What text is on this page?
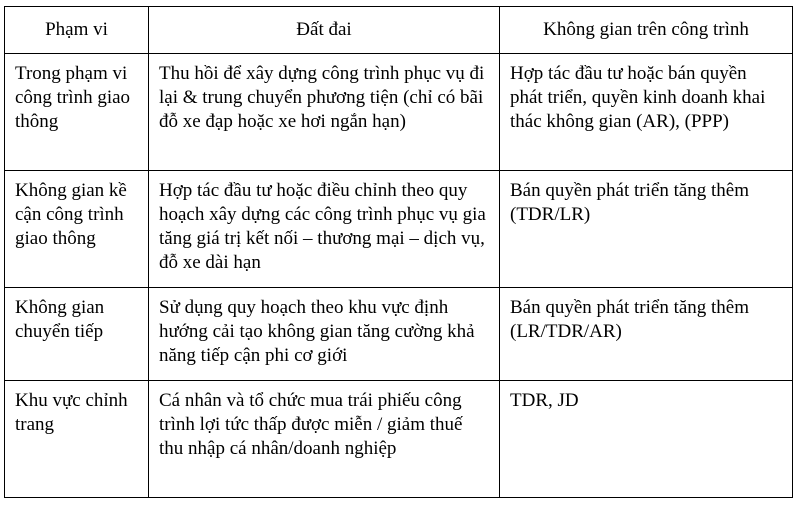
Phạm vi	Đất đai	Không gian trên công trình
Trong phạm vi công trình giao thông	Thu hồi để xây dựng công trình phục vụ đi lại & trung chuyển phương tiện (chỉ có bãi đỗ xe đạp hoặc xe hơi ngắn hạn)	Hợp tác đầu tư hoặc bán quyền phát triển, quyền kinh doanh khai thác không gian (AR), (PPP)
Không gian kề cận công trình giao thông	Hợp tác đầu tư hoặc điều chỉnh theo quy hoạch xây dựng các công trình phục vụ gia tăng giá trị kết nối – thương mại – dịch vụ, đỗ xe dài hạn	Bán quyền phát triển tăng thêm (TDR/LR)
Không gian chuyển tiếp	Sử dụng quy hoạch theo khu vực định hướng cải tạo không gian tăng cường khả năng tiếp cận phi cơ giới	Bán quyền phát triển tăng thêm (LR/TDR/AR)
Khu vực chỉnh trang	Cá nhân và tổ chức mua trái phiếu công trình lợi tức thấp được miễn / giảm thuế thu nhập cá nhân/doanh nghiệp	TDR, JD
